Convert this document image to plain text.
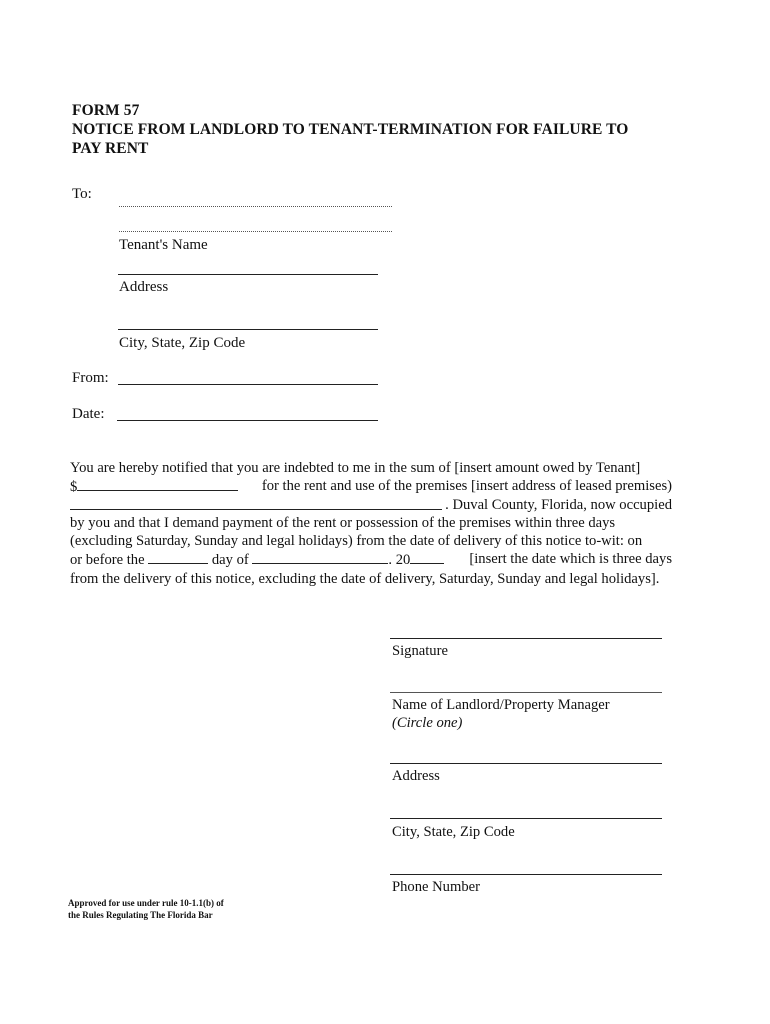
FORM 57
NOTICE FROM LANDLORD TO TENANT-TERMINATION FOR FAILURE TO
PAY RENT
To:
Tenant's Name
Address
City, State, Zip Code
From:
Date:
You are hereby notified that you are indebted to me in the sum of [insert amount owed by Tenant]
$	for the rent and use of the premises [insert address of leased premises)
. Duval County, Florida, now occupied
by you and that I demand payment of the rent or possession of the premises within three days
(excluding Saturday, Sunday and legal holidays) from the date of delivery of this notice to-wit: on
or before the	day of	. 20	[insert the date which is three days
from the delivery of this notice, excluding the date of delivery, Saturday, Sunday and legal holidays].
Signature
Name of Landlord/Property Manager
(Circle one)
Address
City, State, Zip Code
Phone Number
Approved for use under rule 10-1.1(b) of
the Rules Regulating The Florida Bar
